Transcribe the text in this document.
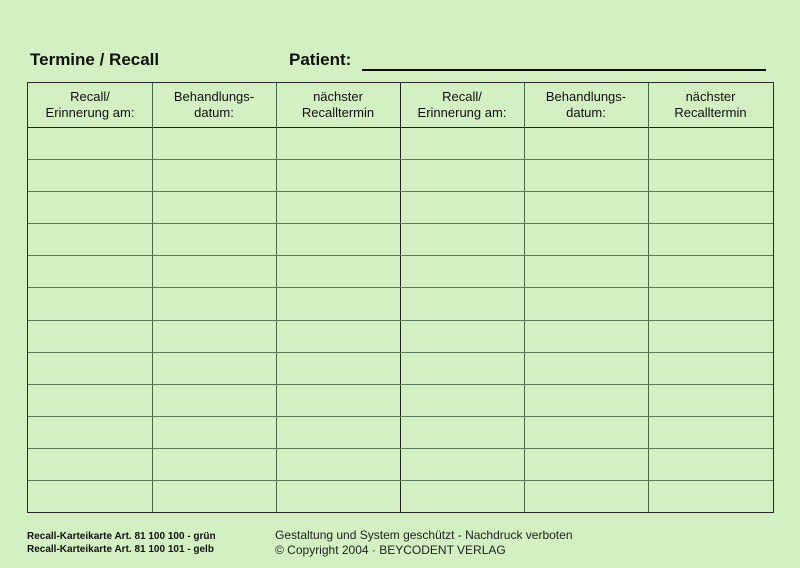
Termine / Recall	Patient:
Recall/
Erinnerung am:
Behandlungs-
datum:
nächster
Recalltermin
Recall/
Erinnerung am:
Behandlungs-
datum:
nächster
Recalltermin
Recall-Karteikarte Art. 81 100 100 - grün
Recall-Karteikarte Art. 81 100 101 - gelb
Gestaltung und System geschützt - Nachdruck verboten
© Copyright 2004 · BEYCODENT VERLAG
